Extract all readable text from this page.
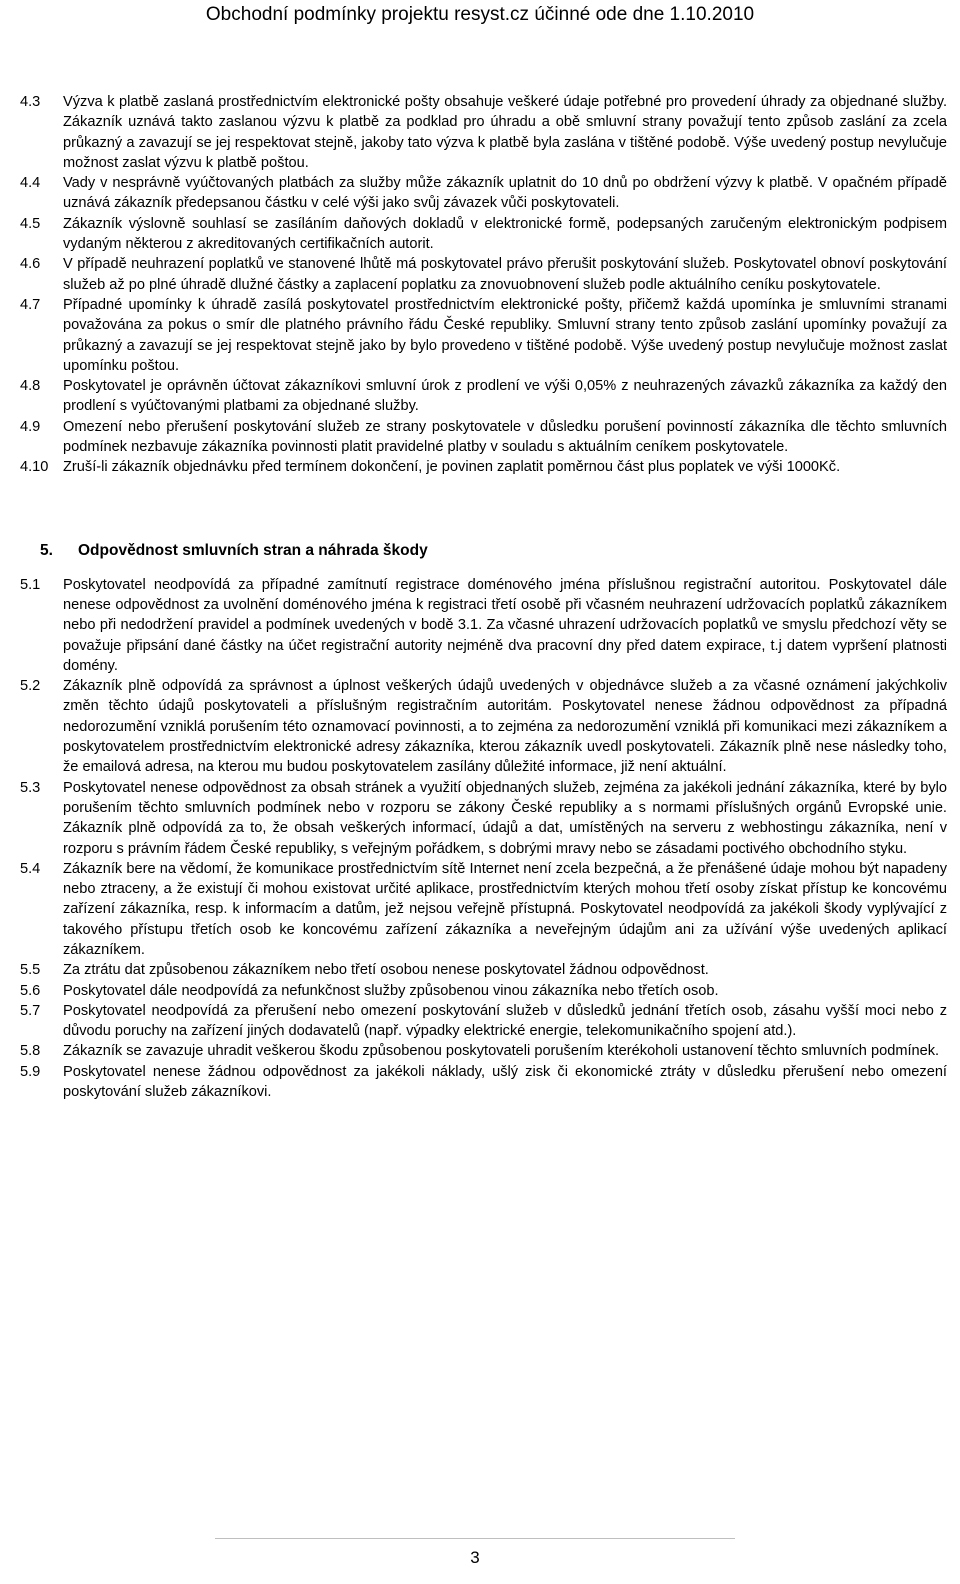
Obchodní podmínky projektu resyst.cz účinné ode dne 1.10.2010
4.3	Výzva k platbě zaslaná prostřednictvím elektronické pošty obsahuje veškeré údaje potřebné pro provedení úhrady za objednané služby. Zákazník uznává takto zaslanou výzvu k platbě za podklad pro úhradu a obě smluvní strany považují tento způsob zaslání za zcela průkazný a zavazují se jej respektovat stejně, jakoby tato výzva k platbě byla zaslána v tištěné podobě. Výše uvedený postup nevylučuje možnost zaslat výzvu k platbě poštou.
4.4	Vady v nesprávně vyúčtovaných platbách za služby může zákazník uplatnit do 10 dnů po obdržení výzvy k platbě. V opačném případě uznává zákazník předepsanou částku v celé výši jako svůj závazek vůči poskytovateli.
4.5	Zákazník výslovně souhlasí se zasíláním daňových dokladů v elektronické formě, podepsaných zaručeným elektronickým podpisem vydaným některou z akreditovaných certifikačních autorit.
4.6	V případě neuhrazení poplatků ve stanovené lhůtě má poskytovatel právo přerušit poskytování služeb. Poskytovatel obnoví poskytování služeb až po plné úhradě dlužné částky a zaplacení poplatku za znovuobnovení služeb podle aktuálního ceníku poskytovatele.
4.7	Případné upomínky k úhradě zasílá poskytovatel prostřednictvím elektronické pošty, přičemž každá upomínka je smluvními stranami považována za pokus o smír dle platného právního řádu České republiky. Smluvní strany tento způsob zaslání upomínky považují za průkazný a zavazují se jej respektovat stejně jako by bylo provedeno v tištěné podobě. Výše uvedený postup nevylučuje možnost zaslat upomínku poštou.
4.8	Poskytovatel je oprávněn účtovat zákazníkovi smluvní úrok z prodlení ve výši 0,05% z neuhrazených závazků zákazníka za každý den prodlení s vyúčtovanými platbami za objednané služby.
4.9	Omezení nebo přerušení poskytování služeb ze strany poskytovatele v důsledku porušení povinností zákazníka dle těchto smluvních podmínek nezbavuje zákazníka povinnosti platit pravidelné platby v souladu s aktuálním ceníkem poskytovatele.
4.10 Zruší-li zákazník objednávku před termínem dokončení, je povinen zaplatit poměrnou část plus poplatek ve výši 1000Kč.
5. Odpovědnost smluvních stran a náhrada škody
5.1	Poskytovatel neodpovídá za případné zamítnutí registrace doménového jména příslušnou registrační autoritou. Poskytovatel dále nenese odpovědnost za uvolnění doménového jména k registraci třetí osobě při včasném neuhrazení udržovacích poplatků zákazníkem nebo při nedodržení pravidel a podmínek uvedených v bodě 3.1. Za včasné uhrazení udržovacích poplatků ve smyslu předchozí věty se považuje připsání dané částky na účet registrační autority nejméně dva pracovní dny před datem expirace, t.j datem vypršení platnosti domény.
5.2	Zákazník plně odpovídá za správnost a úplnost veškerých údajů uvedených v objednávce služeb a za včasné oznámení jakýchkoliv změn těchto údajů poskytovateli a příslušným registračním autoritám. Poskytovatel nenese žádnou odpovědnost za případná nedorozumění vzniklá porušením této oznamovací povinnosti, a to zejména za nedorozumění vzniklá při komunikaci mezi zákazníkem a poskytovatelem prostřednictvím elektronické adresy zákazníka, kterou zákazník uvedl poskytovateli. Zákazník plně nese následky toho, že emailová adresa, na kterou mu budou poskytovatelem zasílány důležité informace, již není aktuální.
5.3	Poskytovatel nenese odpovědnost za obsah stránek a využití objednaných služeb, zejména za jakékoli jednání zákazníka, které by bylo porušením těchto smluvních podmínek nebo v rozporu se zákony České republiky a s normami příslušných orgánů Evropské unie. Zákazník plně odpovídá za to, že obsah veškerých informací, údajů a dat, umístěných na serveru z webhostingu zákazníka, není v rozporu s právním řádem České republiky, s veřejným pořádkem, s dobrými mravy nebo se zásadami poctivého obchodního styku.
5.4	Zákazník bere na vědomí, že komunikace prostřednictvím sítě Internet není zcela bezpečná, a že přenášené údaje mohou být napadeny nebo ztraceny, a že existují či mohou existovat určité aplikace, prostřednictvím kterých mohou třetí osoby získat přístup ke koncovému zařízení zákazníka, resp. k informacím a datům, jež nejsou veřejně přístupná. Poskytovatel neodpovídá za jakékoli škody vyplývající z takového přístupu třetích osob ke koncovému zařízení zákazníka a neveřejným údajům ani za užívání výše uvedených aplikací zákazníkem.
5.5	Za ztrátu dat způsobenou zákazníkem nebo třetí osobou nenese poskytovatel žádnou odpovědnost.
5.6	Poskytovatel dále neodpovídá za nefunkčnost služby způsobenou vinou zákazníka nebo třetích osob.
5.7	Poskytovatel neodpovídá za přerušení nebo omezení poskytování služeb v důsledků jednání třetích osob, zásahu vyšší moci nebo z důvodu poruchy na zařízení jiných dodavatelů (např. výpadky elektrické energie, telekomunikačního spojení atd.).
5.8	Zákazník se zavazuje uhradit veškerou škodu způsobenou poskytovateli porušením kterékoholi ustanovení těchto smluvních podmínek.
5.9	Poskytovatel nenese žádnou odpovědnost za jakékoli náklady, ušlý zisk či ekonomické ztráty v důsledku přerušení nebo omezení poskytování služeb zákazníkovi.
3
